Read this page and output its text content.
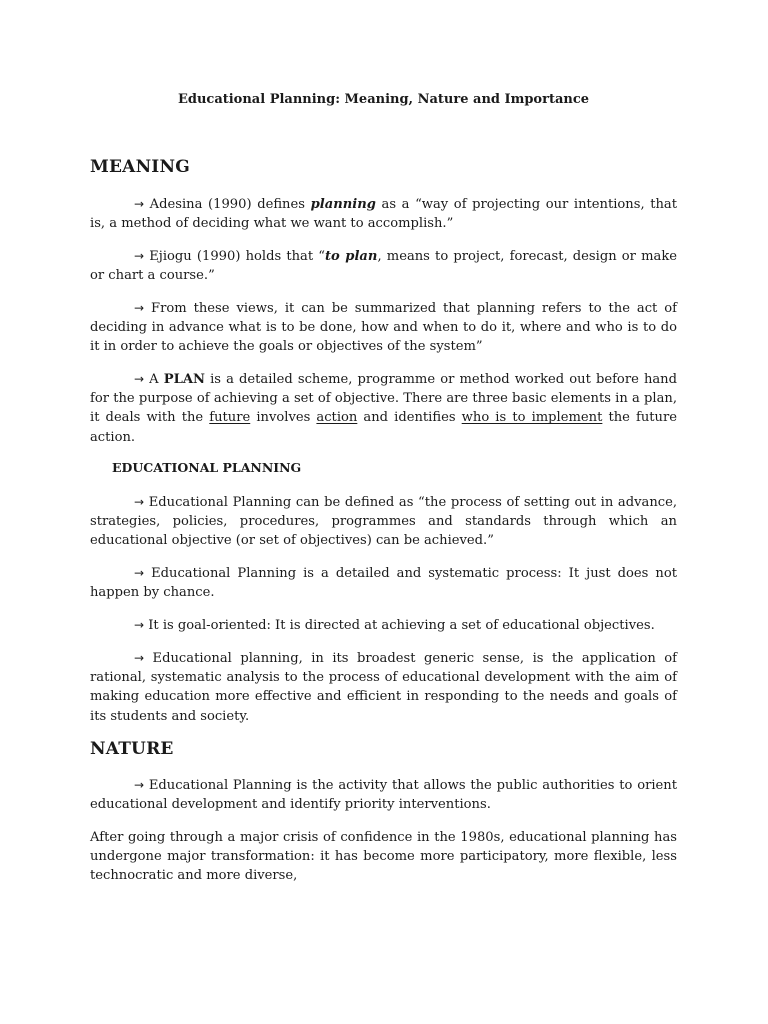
Educational Planning: Meaning, Nature and Importance
MEANING

→ Adesina (1990) defines planning as a “way of projecting our intentions, that is, a method of deciding what we want to accomplish.”

→ Ejiogu (1990) holds that “to plan, means to project, forecast, design or make or chart a course.”

→ From these views, it can be summarized that planning refers to the act of deciding in advance what is to be done, how and when to do it, where and who is to do it in order to achieve the goals or objectives of the system”

→ A PLAN is a detailed scheme, programme or method worked out before hand for the purpose of achieving a set of objective. There are three basic elements in a plan, it deals with the future involves action and identifies who is to implement the future action.

EDUCATIONAL PLANNING

→ Educational Planning can be defined as “the process of setting out in advance, strategies, policies, procedures, programmes and standards through which an educational objective (or set of objectives) can be achieved.”

→ Educational Planning is a detailed and systematic process: It just does not happen by chance.

→ It is goal-oriented: It is directed at achieving a set of educational objectives.

→ Educational planning, in its broadest generic sense, is the application of rational, systematic analysis to the process of educational development with the aim of making education more effective and efficient in responding to the needs and goals of its students and society.

NATURE

→ Educational Planning is the activity that allows the public authorities to orient educational development and identify priority interventions.

After going through a major crisis of confidence in the 1980s, educational planning has undergone major transformation: it has become more participatory, more flexible, less technocratic and more diverse,
